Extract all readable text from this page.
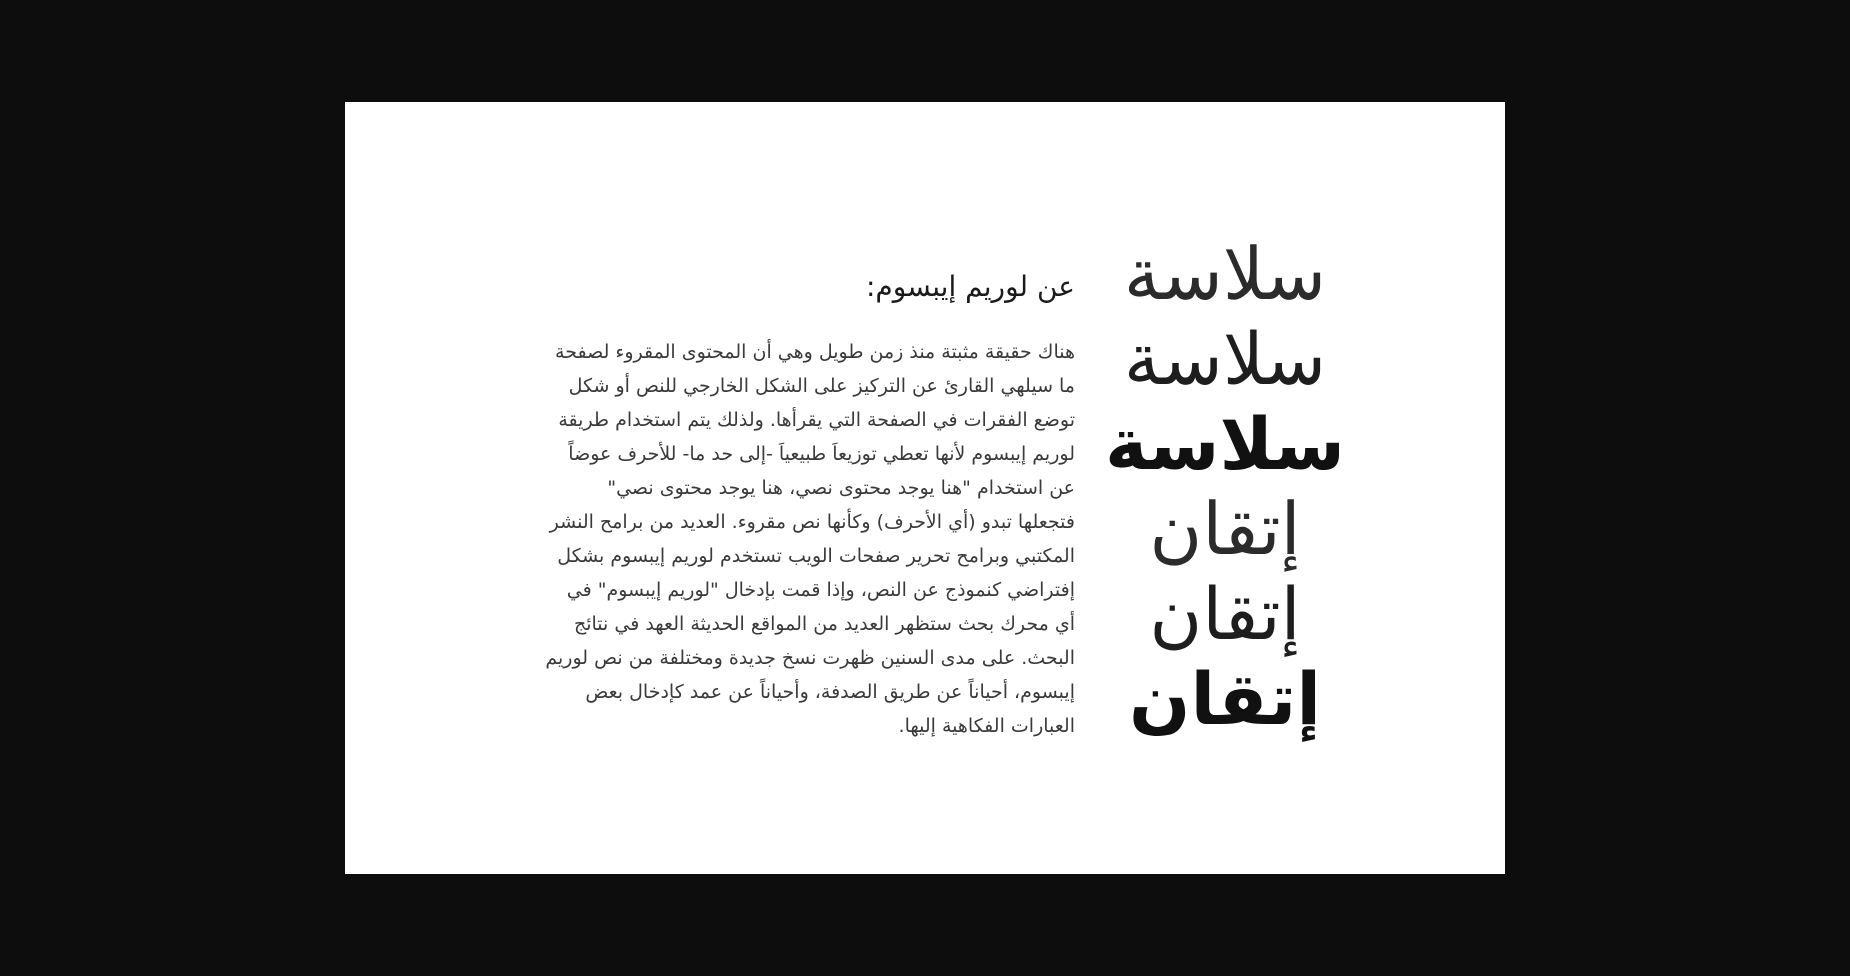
عن لوريم إيبسوم:
هناك حقيقة مثبتة منذ زمن طويل وهي أن المحتوى المقروء لصفحة
ما سيلهي القارئ عن التركيز على الشكل الخارجي للنص أو شكل
توضع الفقرات في الصفحة التي يقرأها. ولذلك يتم استخدام طريقة
لوريم إيبسوم لأنها تعطي توزيعاَ طبيعياَ -إلى حد ما- للأحرف عوضاً
عن استخدام "هنا يوجد محتوى نصي، هنا يوجد محتوى نصي"
فتجعلها تبدو (أي الأحرف) وكأنها نص مقروء. العديد من برامح النشر
المكتبي وبرامح تحرير صفحات الويب تستخدم لوريم إيبسوم بشكل
إفتراضي كنموذج عن النص، وإذا قمت بإدخال "لوريم إيبسوم" في
أي محرك بحث ستظهر العديد من المواقع الحديثة العهد في نتائج
البحث. على مدى السنين ظهرت نسخ جديدة ومختلفة من نص لوريم
إيبسوم، أحياناً عن طريق الصدفة، وأحياناً عن عمد كإدخال بعض
العبارات الفكاهية إليها.
سلاسة
سلاسة
سلاسة
إتقان
إتقان
إتقان
